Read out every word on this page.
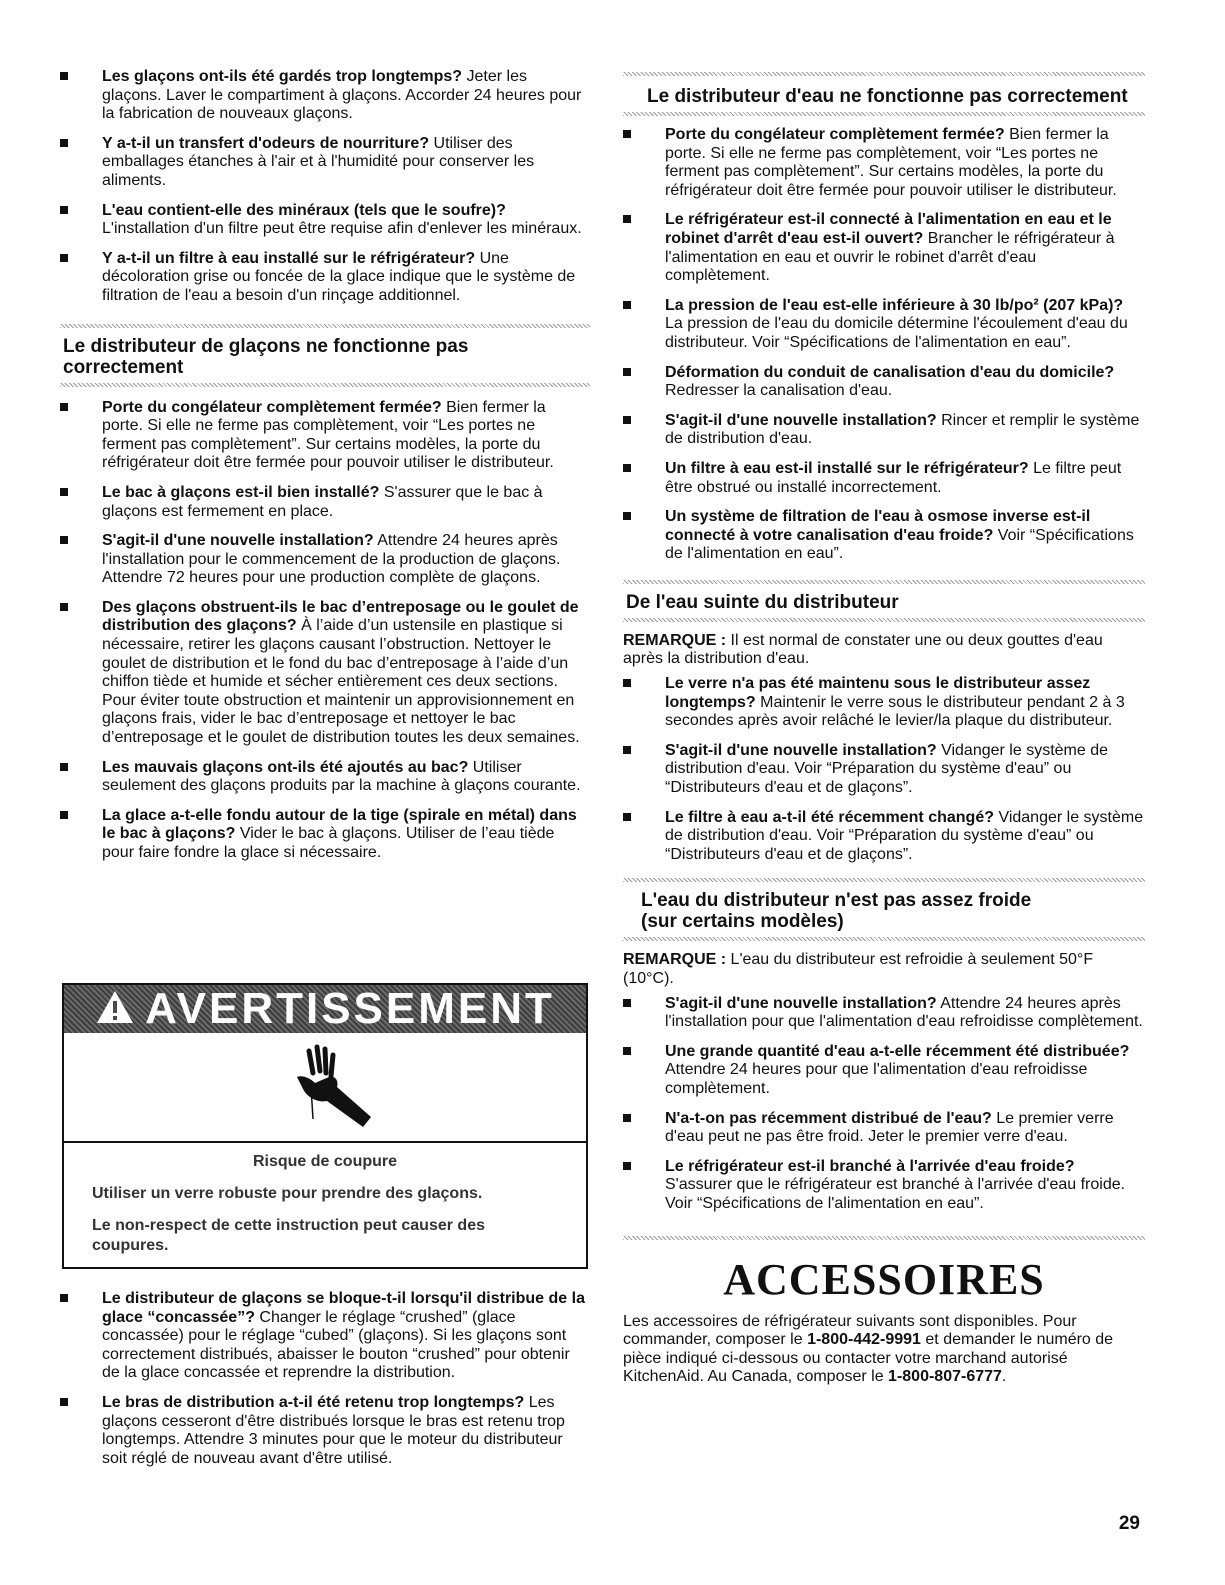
Les glaçons ont-ils été gardés trop longtemps? Jeter les glaçons. Laver le compartiment à glaçons. Accorder 24 heures pour la fabrication de nouveaux glaçons.
Y a-t-il un transfert d'odeurs de nourriture? Utiliser des emballages étanches à l'air et à l'humidité pour conserver les aliments.
L'eau contient-elle des minéraux (tels que le soufre)? L'installation d'un filtre peut être requise afin d'enlever les minéraux.
Y a-t-il un filtre à eau installé sur le réfrigérateur? Une décoloration grise ou foncée de la glace indique que le système de filtration de l'eau a besoin d'un rinçage additionnel.
Le distributeur de glaçons ne fonctionne pas correctement
Porte du congélateur complètement fermée? Bien fermer la porte. Si elle ne ferme pas complètement, voir “Les portes ne ferment pas complètement”. Sur certains modèles, la porte du réfrigérateur doit être fermée pour pouvoir utiliser le distributeur.
Le bac à glaçons est-il bien installé? S'assurer que le bac à glaçons est fermement en place.
S'agit-il d'une nouvelle installation? Attendre 24 heures après l'installation pour le commencement de la production de glaçons. Attendre 72 heures pour une production complète de glaçons.
Des glaçons obstruent-ils le bac d’entreposage ou le goulet de distribution des glaçons? À l’aide d’un ustensile en plastique si nécessaire, retirer les glaçons causant l’obstruction. Nettoyer le goulet de distribution et le fond du bac d’entreposage à l’aide d’un chiffon tiède et humide et sécher entièrement ces deux sections. Pour éviter toute obstruction et maintenir un approvisionnement en glaçons frais, vider le bac d’entreposage et nettoyer le bac d’entreposage et le goulet de distribution toutes les deux semaines.
Les mauvais glaçons ont-ils été ajoutés au bac? Utiliser seulement des glaçons produits par la machine à glaçons courante.
La glace a-t-elle fondu autour de la tige (spirale en métal) dans le bac à glaçons? Vider le bac à glaçons. Utiliser de l’eau tiède pour faire fondre la glace si nécessaire.
AVERTISSEMENT
Risque de coupure
Utiliser un verre robuste pour prendre des glaçons.
Le non-respect de cette instruction peut causer des coupures.
Le distributeur de glaçons se bloque-t-il lorsqu'il distribue de la glace “concassée”? Changer le réglage “crushed” (glace concassée) pour le réglage “cubed” (glaçons). Si les glaçons sont correctement distribués, abaisser le bouton “crushed” pour obtenir de la glace concassée et reprendre la distribution.
Le bras de distribution a-t-il été retenu trop longtemps? Les glaçons cesseront d'être distribués lorsque le bras est retenu trop longtemps. Attendre 3 minutes pour que le moteur du distributeur soit réglé de nouveau avant d'être utilisé.
Le distributeur d'eau ne fonctionne pas correctement
Porte du congélateur complètement fermée? Bien fermer la porte. Si elle ne ferme pas complètement, voir “Les portes ne ferment pas complètement”. Sur certains modèles, la porte du réfrigérateur doit être fermée pour pouvoir utiliser le distributeur.
Le réfrigérateur est-il connecté à l'alimentation en eau et le robinet d'arrêt d'eau est-il ouvert? Brancher le réfrigérateur à l'alimentation en eau et ouvrir le robinet d'arrêt d'eau complètement.
La pression de l'eau est-elle inférieure à 30 lb/po² (207 kPa)? La pression de l'eau du domicile détermine l'écoulement d'eau du distributeur. Voir “Spécifications de l'alimentation en eau”.
Déformation du conduit de canalisation d'eau du domicile? Redresser la canalisation d'eau.
S'agit-il d'une nouvelle installation? Rincer et remplir le système de distribution d'eau.
Un filtre à eau est-il installé sur le réfrigérateur? Le filtre peut être obstrué ou installé incorrectement.
Un système de filtration de l'eau à osmose inverse est-il connecté à votre canalisation d'eau froide? Voir “Spécifications de l'alimentation en eau”.
De l'eau suinte du distributeur
REMARQUE : Il est normal de constater une ou deux gouttes d'eau après la distribution d'eau.
Le verre n'a pas été maintenu sous le distributeur assez longtemps? Maintenir le verre sous le distributeur pendant 2 à 3 secondes après avoir relâché le levier/la plaque du distributeur.
S'agit-il d'une nouvelle installation? Vidanger le système de distribution d'eau. Voir “Préparation du système d'eau” ou “Distributeurs d'eau et de glaçons”.
Le filtre à eau a-t-il été récemment changé? Vidanger le système de distribution d'eau. Voir “Préparation du système d'eau” ou “Distributeurs d'eau et de glaçons”.
L'eau du distributeur n'est pas assez froide
(sur certains modèles)
REMARQUE : L'eau du distributeur est refroidie à seulement 50°F (10°C).
S'agit-il d'une nouvelle installation? Attendre 24 heures après l'installation pour que l'alimentation d'eau refroidisse complètement.
Une grande quantité d'eau a-t-elle récemment été distribuée? Attendre 24 heures pour que l'alimentation d'eau refroidisse complètement.
N'a-t-on pas récemment distribué de l'eau? Le premier verre d'eau peut ne pas être froid. Jeter le premier verre d'eau.
Le réfrigérateur est-il branché à l'arrivée d'eau froide? S'assurer que le réfrigérateur est branché à l'arrivée d'eau froide. Voir “Spécifications de l'alimentation en eau”.
ACCESSOIRES
Les accessoires de réfrigérateur suivants sont disponibles. Pour commander, composer le 1-800-442-9991 et demander le numéro de pièce indiqué ci-dessous ou contacter votre marchand autorisé KitchenAid. Au Canada, composer le 1-800-807-6777.
29
